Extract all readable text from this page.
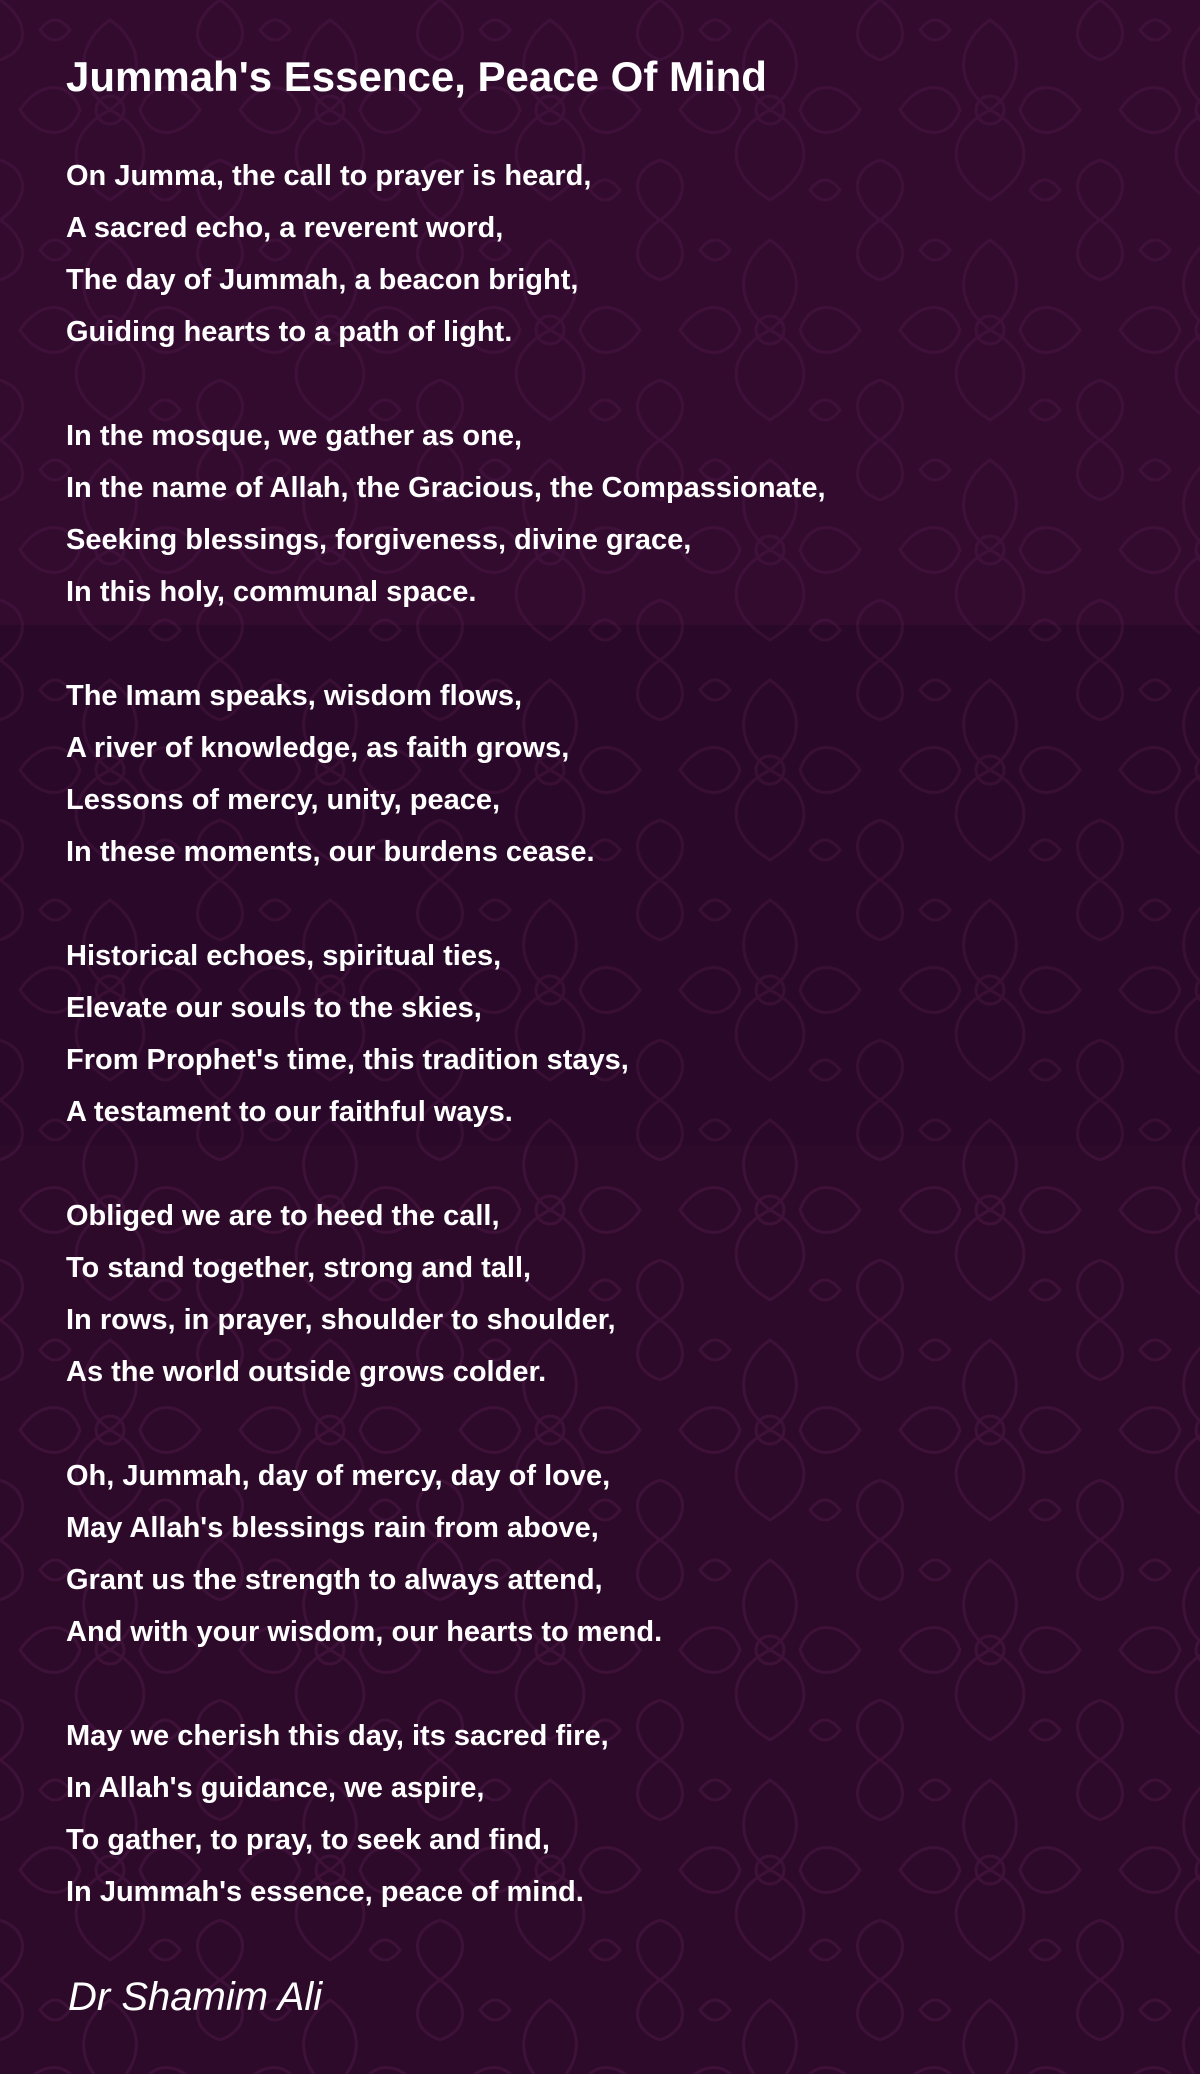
Jummah's Essence, Peace Of Mind
On Jumma, the call to prayer is heard,
A sacred echo, a reverent word,
The day of Jummah, a beacon bright,
Guiding hearts to a path of light.
In the mosque, we gather as one,
In the name of Allah, the Gracious, the Compassionate,
Seeking blessings, forgiveness, divine grace,
In this holy, communal space.
The Imam speaks, wisdom flows,
A river of knowledge, as faith grows,
Lessons of mercy, unity, peace,
In these moments, our burdens cease.
Historical echoes, spiritual ties,
Elevate our souls to the skies,
From Prophet's time, this tradition stays,
A testament to our faithful ways.
Obliged we are to heed the call,
To stand together, strong and tall,
In rows, in prayer, shoulder to shoulder,
As the world outside grows colder.
Oh, Jummah, day of mercy, day of love,
May Allah's blessings rain from above,
Grant us the strength to always attend,
And with your wisdom, our hearts to mend.
May we cherish this day, its sacred fire,
In Allah's guidance, we aspire,
To gather, to pray, to seek and find,
In Jummah's essence, peace of mind.
Dr Shamim Ali
